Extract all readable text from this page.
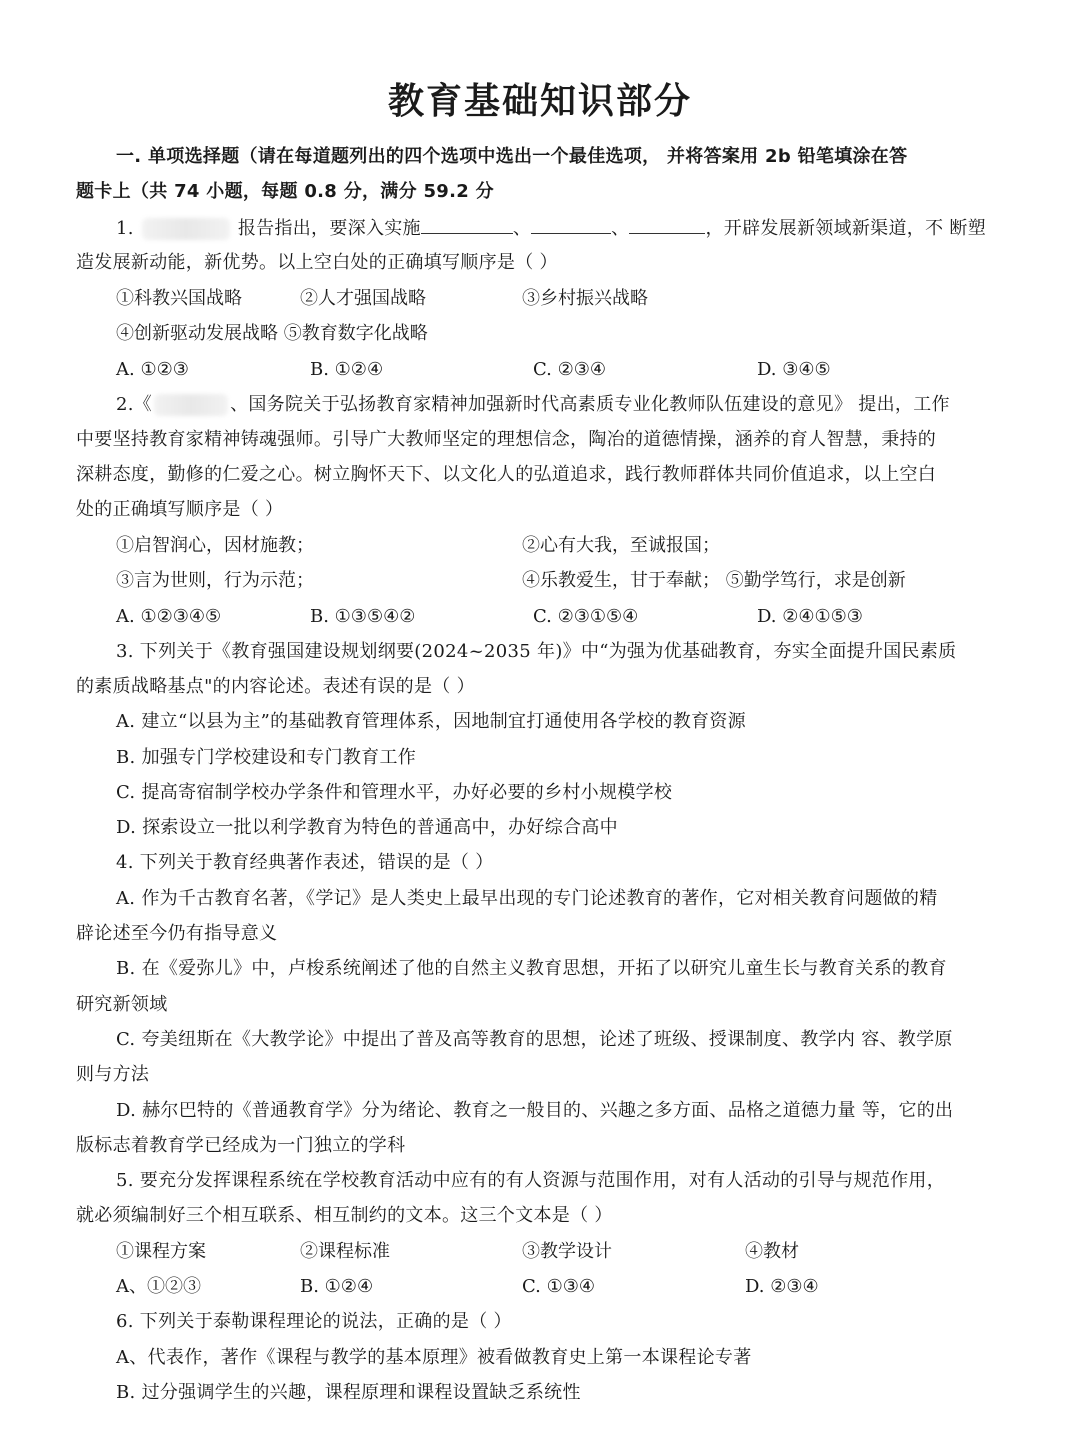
教育基础知识部分
一. 单项选择题（请在每道题列出的四个选项中选出一个最佳选项， 并将答案用 2b 铅笔填涂在答
题卡上（共 74 小题，每题 0.8 分，满分 59.2 分
1.	报告指出，要深入实施	、	、	，开辟发展新领域新渠道，不 断塑
造发展新动能，新优势。以上空白处的正确填写顺序是（ ）
①科教兴国战略	②人才强国战略	③乡村振兴战略
④创新驱动发展战略 ⑤教育数字化战略
A. ①②③	B. ①②④	C. ②③④	D. ③④⑤
2.《	、国务院关于弘扬教育家精神加强新时代高素质专业化教师队伍建设的意见》 提出，工作
中要坚持教育家精神铸魂强师。引导广大教师坚定的理想信念，陶冶的道德情操，涵养的育人智慧，秉持的
深耕态度，勤修的仁爱之心。树立胸怀天下、以文化人的弘道追求，践行教师群体共同价值追求，以上空白
处的正确填写顺序是（ ）
①启智润心，因材施教；	②心有大我，至诚报国；
③言为世则，行为示范；	④乐教爱生，甘于奉献； ⑤勤学笃行，求是创新
A. ①②③④⑤	B. ①③⑤④②	C. ②③①⑤④	D. ②④①⑤③
3. 下列关于《教育强国建设规划纲要(2024~2035 年)》中“为强为优基础教育，夯实全面提升国民素质
的素质战略基点"的内容论述。表述有误的是（ ）
A. 建立“以县为主”的基础教育管理体系，因地制宜打通使用各学校的教育资源
B. 加强专门学校建设和专门教育工作
C. 提高寄宿制学校办学条件和管理水平，办好必要的乡村小规模学校
D. 探索设立一批以利学教育为特色的普通高中，办好综合高中
4. 下列关于教育经典著作表述，错误的是（ ）
A. 作为千古教育名著，《学记》是人类史上最早出现的专门论述教育的著作，它对相关教育问题做的精
辟论述至今仍有指导意义
B. 在《爱弥儿》中，卢梭系统阐述了他的自然主义教育思想，开拓了以研究儿童生长与教育关系的教育
研究新领域
C. 夸美纽斯在《大教学论》中提出了普及高等教育的思想，论述了班级、授课制度、教学内 容、教学原
则与方法
D. 赫尔巴特的《普通教育学》分为绪论、教育之一般目的、兴趣之多方面、品格之道德力量 等，它的出
版标志着教育学已经成为一门独立的学科
5. 要充分发挥课程系统在学校教育活动中应有的有人资源与范围作用，对有人活动的引导与规范作用，
就必须编制好三个相互联系、相互制约的文本。这三个文本是（ ）
①课程方案	②课程标准	③教学设计	④教材
A、①②③	B. ①②④	C. ①③④	D. ②③④
6. 下列关于泰勒课程理论的说法，正确的是（ ）
A、代表作，著作《课程与教学的基本原理》被看做教育史上第一本课程论专著
B. 过分强调学生的兴趣，课程原理和课程设置缺乏系统性
